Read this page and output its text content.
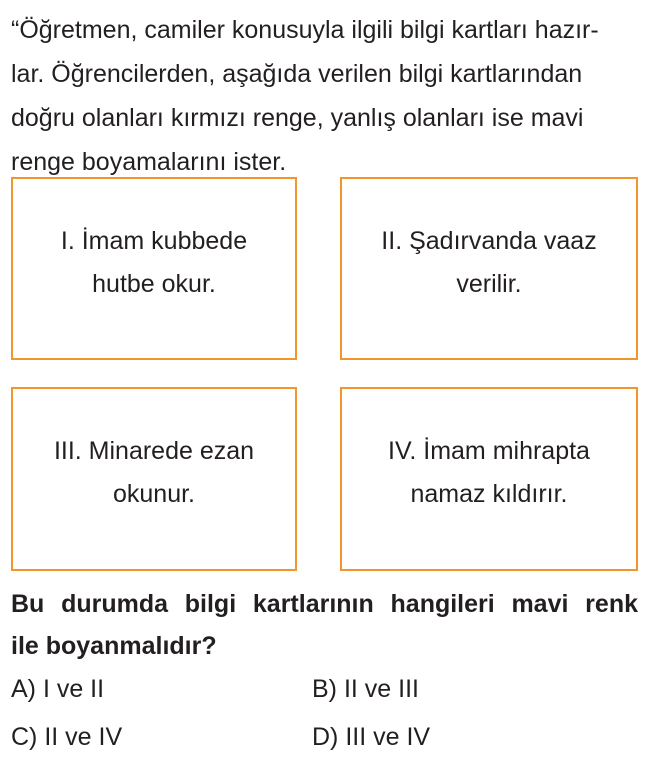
“Öğretmen, camiler konusuyla ilgili bilgi kartları hazır-
lar. Öğrencilerden, aşağıda verilen bilgi kartlarından
doğru olanları kırmızı renge, yanlış olanları ise mavi
renge boyamalarını ister.
I. İmam kubbede
hutbe okur.
II. Şadırvanda vaaz
verilir.
III. Minarede ezan
okunur.
IV. İmam mihrapta
namaz kıldırır.
Bu durumda bilgi kartlarının hangileri mavi renk
ile boyanmalıdır?
A) I ve II	B) II ve III
C) II ve IV	D) III ve IV
